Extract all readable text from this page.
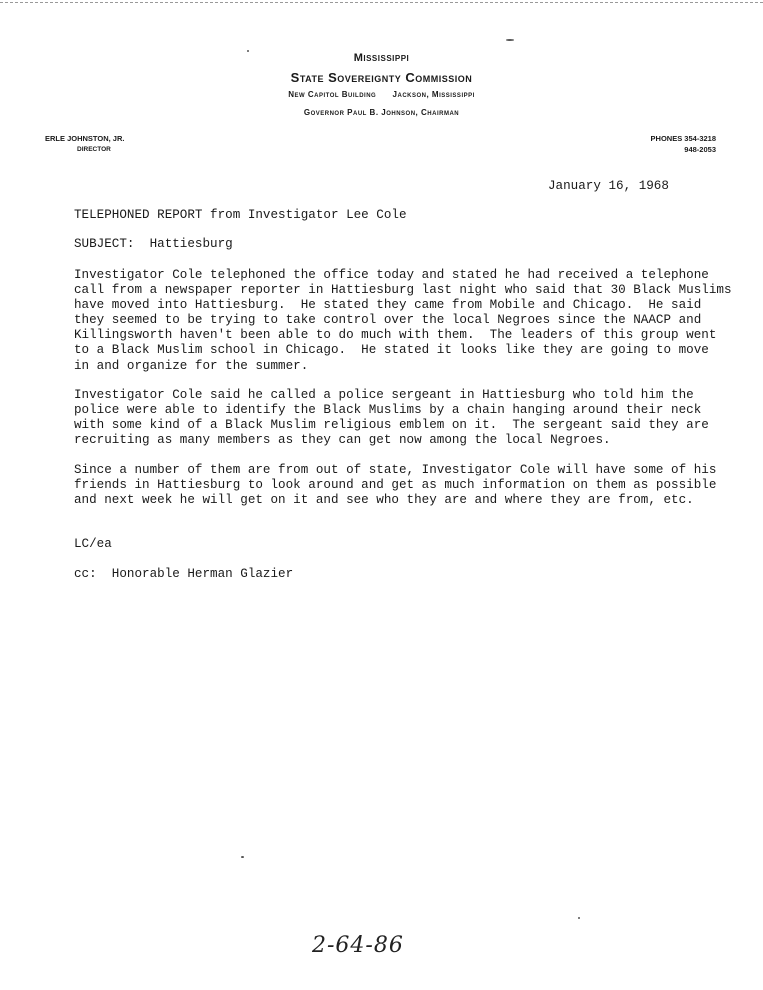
Mississippi
State Sovereignty Commission
New Capitol Building      Jackson, Mississippi
Governor Paul B. Johnson, Chairman
ERLE JOHNSTON, JR.
DIRECTOR
PHONES 354-3218
948-2053
January 16, 1968
TELEPHONED REPORT from Investigator Lee Cole
SUBJECT:  Hattiesburg
Investigator Cole telephoned the office today and stated he had received a telephone
call from a newspaper reporter in Hattiesburg last night who said that 30 Black Muslims
have moved into Hattiesburg.  He stated they came from Mobile and Chicago.  He said
they seemed to be trying to take control over the local Negroes since the NAACP and
Killingsworth haven't been able to do much with them.  The leaders of this group went
to a Black Muslim school in Chicago.  He stated it looks like they are going to move
in and organize for the summer.
Investigator Cole said he called a police sergeant in Hattiesburg who told him the
police were able to identify the Black Muslims by a chain hanging around their neck
with some kind of a Black Muslim religious emblem on it.  The sergeant said they are
recruiting as many members as they can get now among the local Negroes.
Since a number of them are from out of state, Investigator Cole will have some of his
friends in Hattiesburg to look around and get as much information on them as possible
and next week he will get on it and see who they are and where they are from, etc.
LC/ea
cc:  Honorable Herman Glazier
2-64-86
